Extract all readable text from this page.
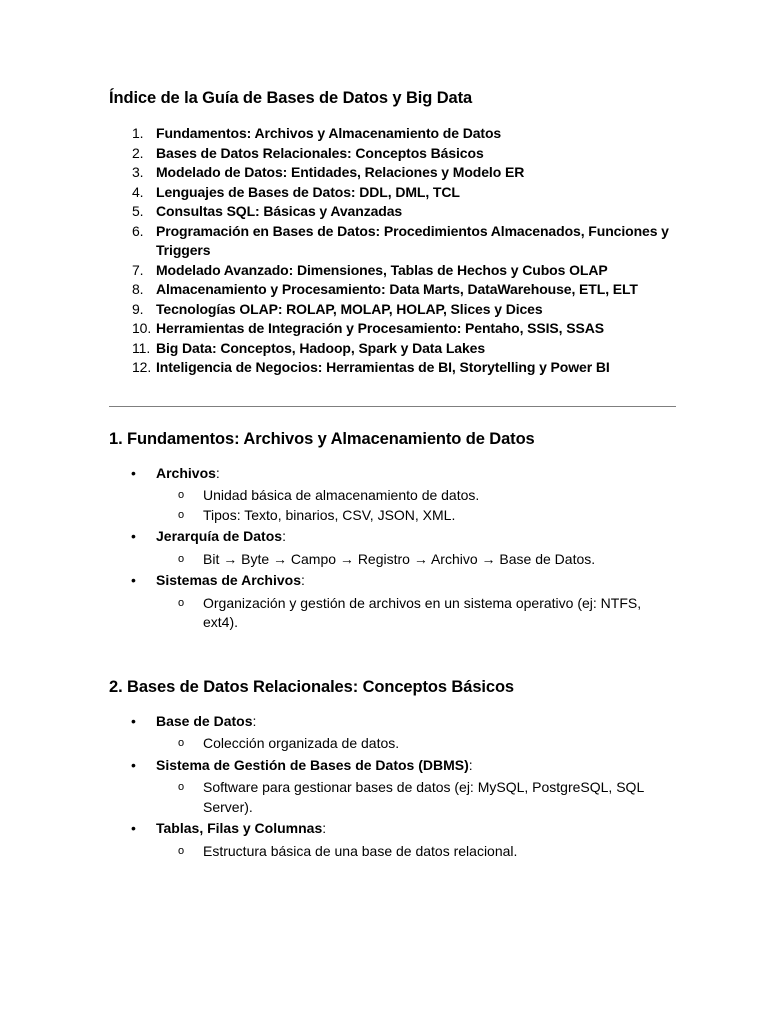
Índice de la Guía de Bases de Datos y Big Data
1. Fundamentos: Archivos y Almacenamiento de Datos
2. Bases de Datos Relacionales: Conceptos Básicos
3. Modelado de Datos: Entidades, Relaciones y Modelo ER
4. Lenguajes de Bases de Datos: DDL, DML, TCL
5. Consultas SQL: Básicas y Avanzadas
6. Programación en Bases de Datos: Procedimientos Almacenados, Funciones y Triggers
7. Modelado Avanzado: Dimensiones, Tablas de Hechos y Cubos OLAP
8. Almacenamiento y Procesamiento: Data Marts, DataWarehouse, ETL, ELT
9. Tecnologías OLAP: ROLAP, MOLAP, HOLAP, Slices y Dices
10. Herramientas de Integración y Procesamiento: Pentaho, SSIS, SSAS
11. Big Data: Conceptos, Hadoop, Spark y Data Lakes
12. Inteligencia de Negocios: Herramientas de BI, Storytelling y Power BI
1. Fundamentos: Archivos y Almacenamiento de Datos
• Archivos:
o Unidad básica de almacenamiento de datos.
o Tipos: Texto, binarios, CSV, JSON, XML.
• Jerarquía de Datos:
o Bit → Byte → Campo → Registro → Archivo → Base de Datos.
• Sistemas de Archivos:
o Organización y gestión de archivos en un sistema operativo (ej: NTFS, ext4).
2. Bases de Datos Relacionales: Conceptos Básicos
• Base de Datos:
o Colección organizada de datos.
• Sistema de Gestión de Bases de Datos (DBMS):
o Software para gestionar bases de datos (ej: MySQL, PostgreSQL, SQL Server).
• Tablas, Filas y Columnas:
o Estructura básica de una base de datos relacional.
